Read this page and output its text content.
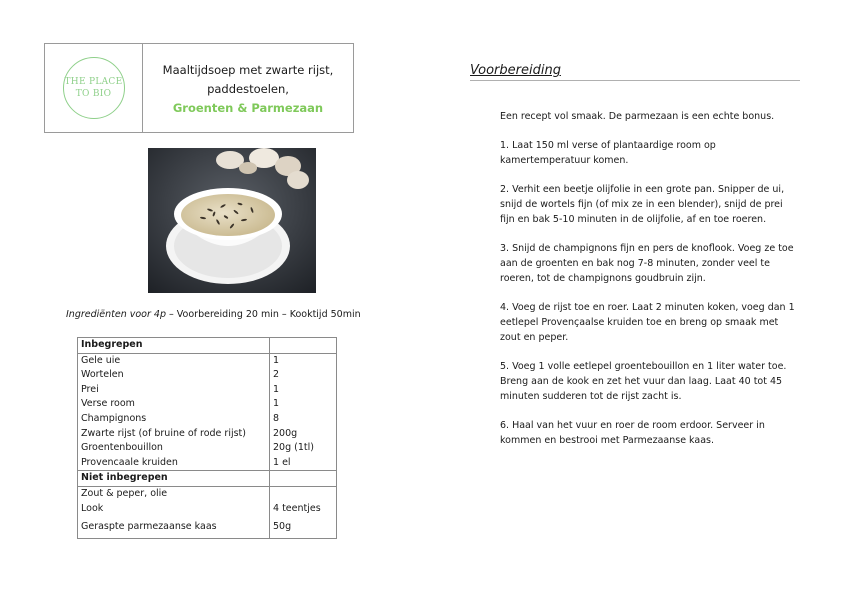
THE PLACE
TO BIO
Maaltijdsoep met zwarte rijst,
paddestoelen,
Groenten & Parmezaan
Ingrediënten voor 4p – Voorbereiding 20 min – Kooktijd 50min
Inbegrepen	
Gele uie	1
Wortelen	2
Prei	1
Verse room	1
Champignons	8
Zwarte rijst (of bruine of rode rijst)	200g
Groentenbouillon	20g (1tl)
Provencaale kruiden	1 el
Niet inbegrepen	
Zout & peper, olie	
Look	4 teentjes
Geraspte parmezaanse kaas	50g
Voorbereiding

Een recept vol smaak. De parmezaan is een echte bonus.

1. Laat 150 ml verse of plantaardige room op kamertemperatuur komen.

2. Verhit een beetje olijfolie in een grote pan. Snipper de ui, snijd de wortels fijn (of mix ze in een blender), snijd de prei fijn en bak 5-10 minuten in de olijfolie, af en toe roeren.

3. Snijd de champignons fijn en pers de knoflook. Voeg ze toe aan de groenten en bak nog 7-8 minuten, zonder veel te roeren, tot de champignons goudbruin zijn.

4. Voeg de rijst toe en roer. Laat 2 minuten koken, voeg dan 1 eetlepel Provençaalse kruiden toe en breng op smaak met zout en peper.

5. Voeg 1 volle eetlepel groentebouillon en 1 liter water toe. Breng aan de kook en zet het vuur dan laag. Laat 40 tot 45 minuten sudderen tot de rijst zacht is.

6. Haal van het vuur en roer de room erdoor. Serveer in kommen en bestrooi met Parmezaanse kaas.
